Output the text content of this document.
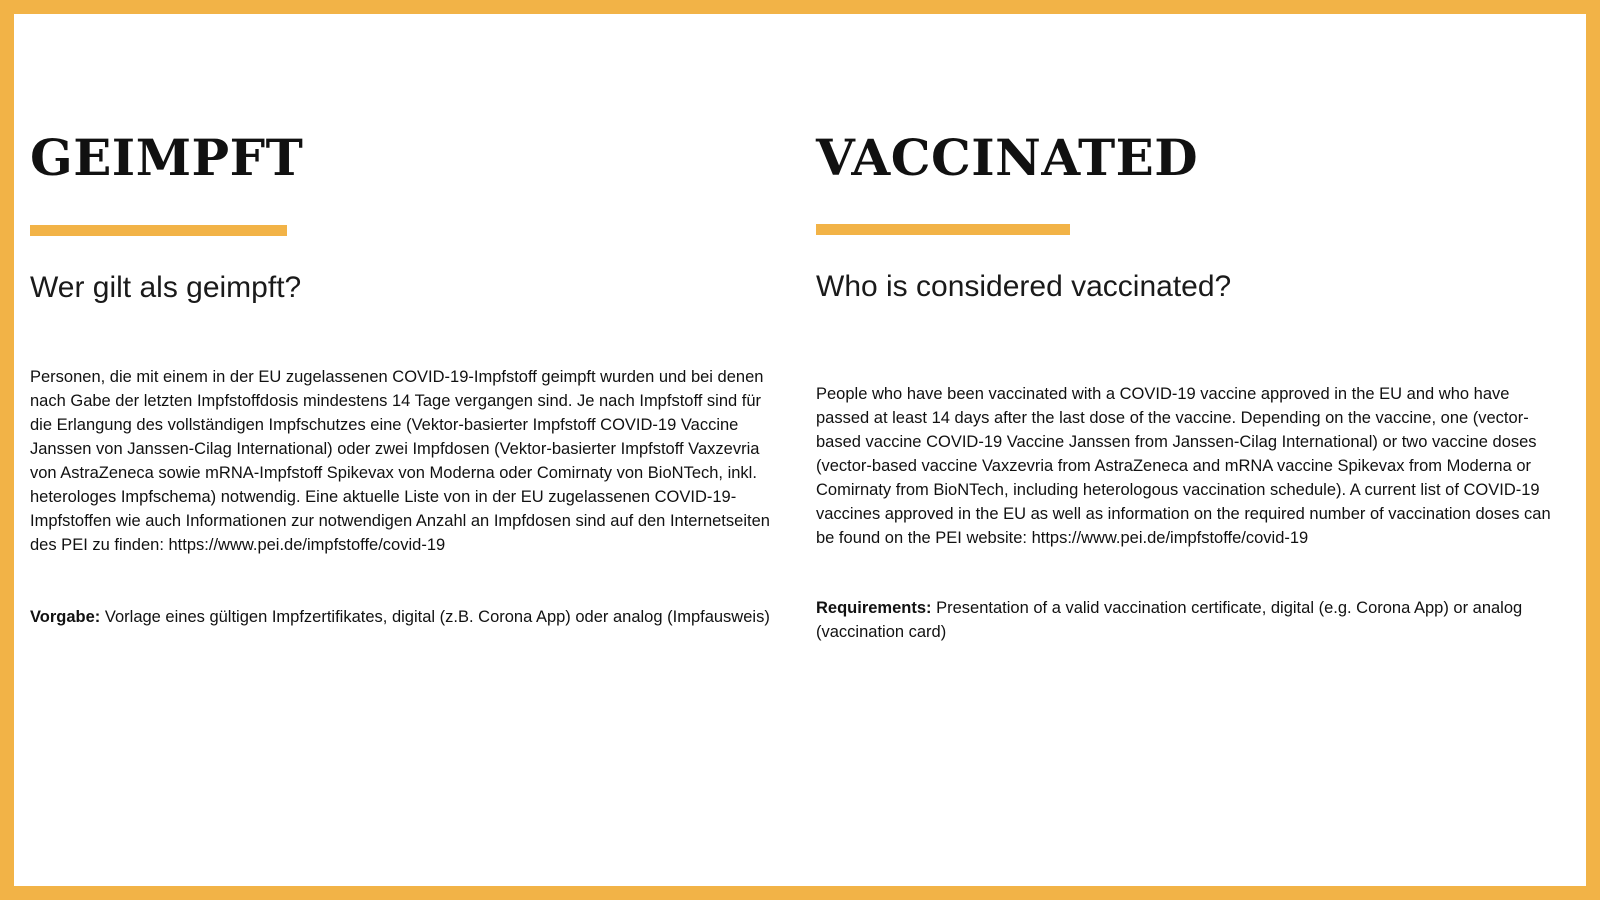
GEIMPFT
Wer gilt als geimpft?

Personen, die mit einem in der EU zugelassenen COVID-19-Impfstoff geimpft wurden und bei denen nach Gabe der letzten Impfstoffdosis mindestens 14 Tage vergangen sind. Je nach Impfstoff sind für die Erlangung des vollständigen Impfschutzes eine (Vektor-basierter Impfstoff COVID-19 Vaccine Janssen von Janssen-Cilag International) oder zwei Impfdosen (Vektor-basierter Impfstoff Vaxzevria von AstraZeneca sowie mRNA-Impfstoff Spikevax von Moderna oder Comirnaty von BioNTech, inkl. heterologes Impfschema) notwendig. Eine aktuelle Liste von in der EU zugelassenen COVID-19-Impfstoffen wie auch Informationen zur notwendigen Anzahl an Impfdosen sind auf den Internetseiten des PEI zu finden: https://www.pei.de/impfstoffe/covid-19

Vorgabe: Vorlage eines gültigen Impfzertifikates, digital (z.B. Corona App) oder analog (Impfausweis)

VACCINATED
Who is considered vaccinated?

People who have been vaccinated with a COVID-19 vaccine approved in the EU and who have passed at least 14 days after the last dose of the vaccine. Depending on the vaccine, one (vector-based vaccine COVID-19 Vaccine Janssen from Janssen-Cilag International) or two vaccine doses (vector-based vaccine Vaxzevria from AstraZeneca and mRNA vaccine Spikevax from Moderna or Comirnaty from BioNTech, including heterologous vaccination schedule). A current list of COVID-19 vaccines approved in the EU as well as information on the required number of vaccination doses can be found on the PEI website: https://www.pei.de/impfstoffe/covid-19

Requirements: Presentation of a valid vaccination certificate, digital (e.g. Corona App) or analog (vaccination card)
